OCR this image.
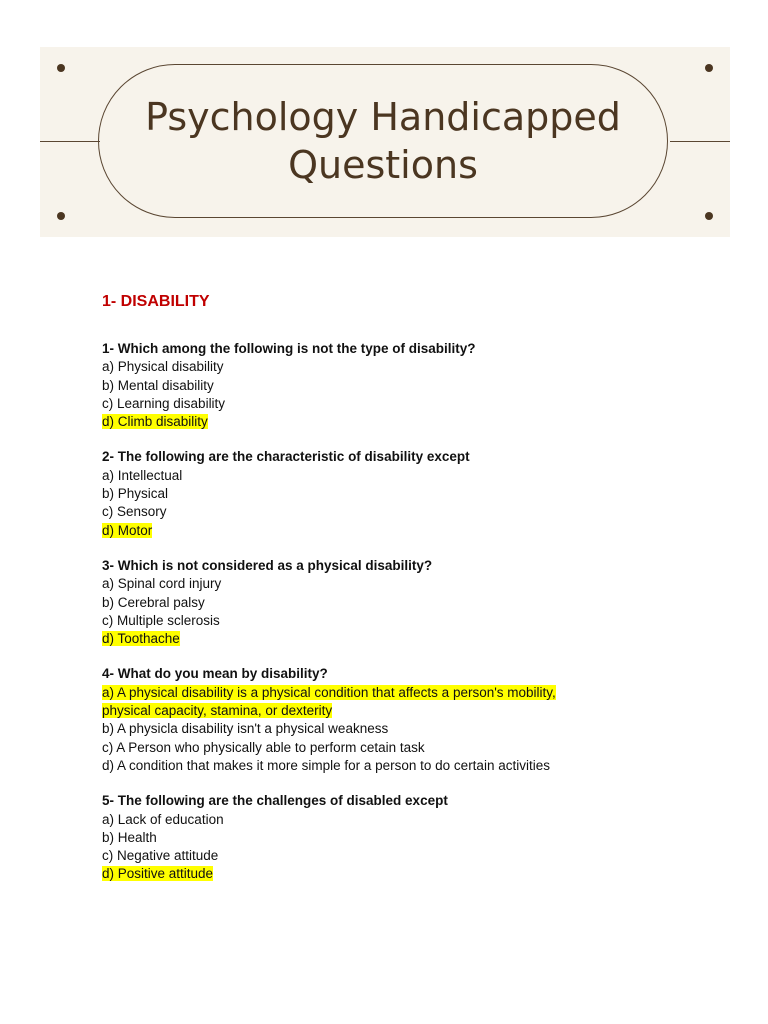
Psychology Handicapped
Questions
1- DISABILITY
1- Which among the following is not the type of disability?
a) Physical disability
b) Mental disability
c) Learning disability
d) Climb disability
2- The following are the characteristic of disability except
a) Intellectual
b) Physical
c) Sensory
d) Motor
3- Which is not considered as a physical disability?
a) Spinal cord injury
b) Cerebral palsy
c) Multiple sclerosis
d) Toothache
4- What do you mean by disability?
a) A physical disability is a physical condition that affects a person's mobility,
physical capacity, stamina, or dexterity
b) A physicla disability isn't a physical weakness
c) A Person who physically able to perform cetain task
d) A condition that makes it more simple for a person to do certain activities
5- The following are the challenges of disabled except
a) Lack of education
b) Health
c) Negative attitude
d) Positive attitude
